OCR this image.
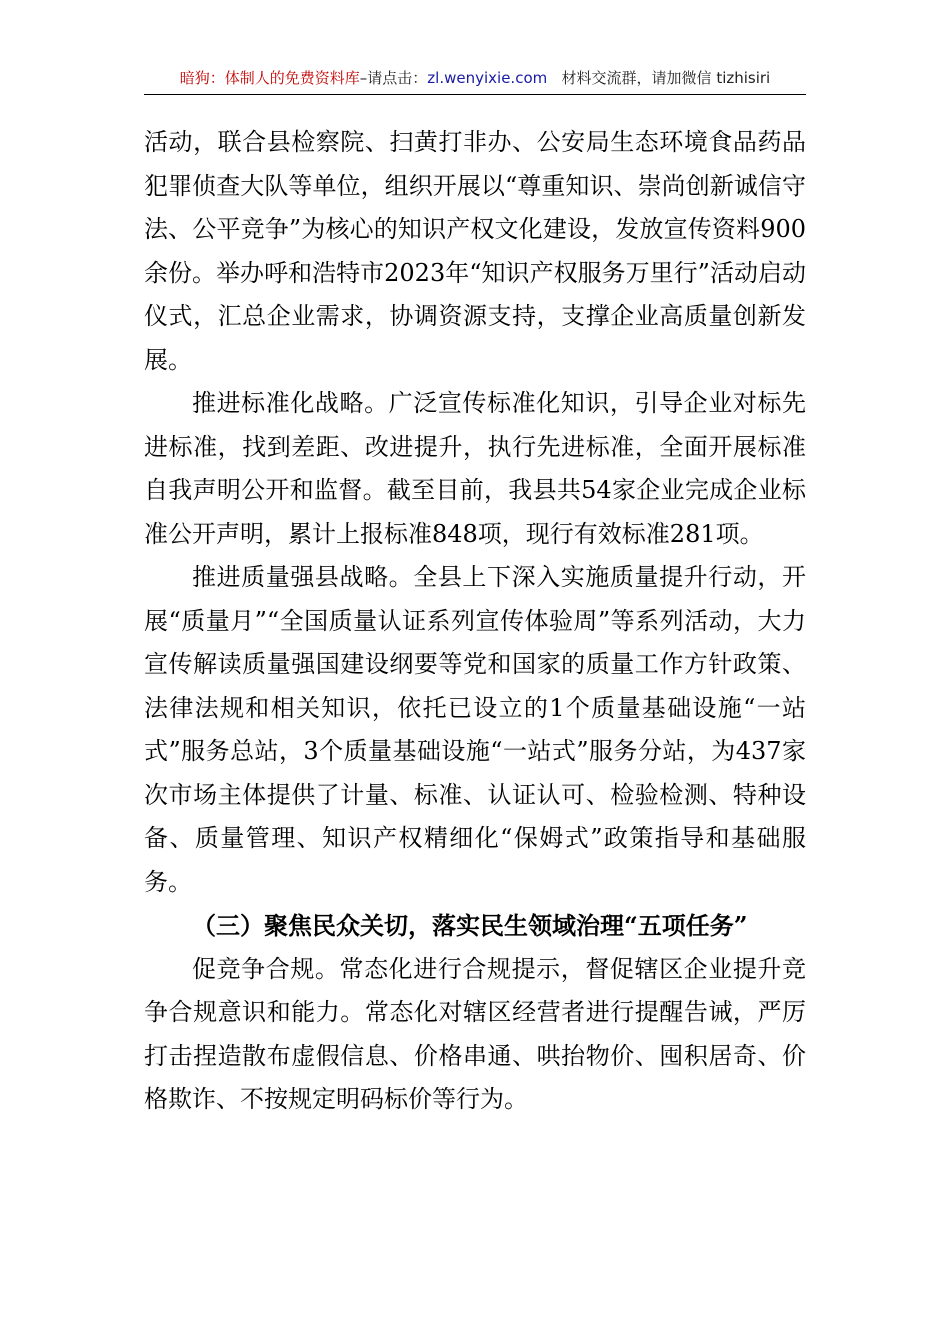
暗狗：体制人的免费资料库–请点击：zl.wenyixie.com 材料交流群，请加微信 tizhisiri

活动，联合县检察院、扫黄打非办、公安局生态环境食品药品犯罪侦查大队等单位，组织开展以“尊重知识、崇尚创新诚信守法、公平竞争”为核心的知识产权文化建设，发放宣传资料900余份。举办呼和浩特市2023年“知识产权服务万里行”活动启动仪式，汇总企业需求，协调资源支持，支撑企业高质量创新发展。

推进标准化战略。广泛宣传标准化知识，引导企业对标先进标准，找到差距、改进提升，执行先进标准，全面开展标准自我声明公开和监督。截至目前，我县共54家企业完成企业标准公开声明，累计上报标准848项，现行有效标准281项。

推进质量强县战略。全县上下深入实施质量提升行动，开展“质量月”“全国质量认证系列宣传体验周”等系列活动，大力宣传解读质量强国建设纲要等党和国家的质量工作方针政策、法律法规和相关知识，依托已设立的1个质量基础设施“一站式”服务总站，3个质量基础设施“一站式”服务分站，为437家次市场主体提供了计量、标准、认证认可、检验检测、特种设备、质量管理、知识产权精细化“保姆式”政策指导和基础服务。

（三）聚焦民众关切，落实民生领域治理“五项任务”

促竞争合规。常态化进行合规提示，督促辖区企业提升竞争合规意识和能力。常态化对辖区经营者进行提醒告诫，严厉打击捏造散布虚假信息、价格串通、哄抬物价、囤积居奇、价格欺诈、不按规定明码标价等行为。
